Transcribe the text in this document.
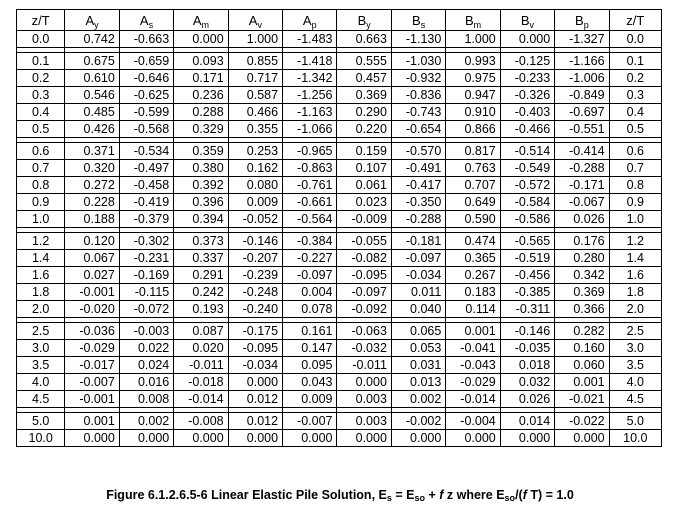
z/T	$A_y$	$A_s$	$A_m$	$A_v$	$A_p$	$B_y$	$B_s$	$B_m$	$B_v$	$B_p$	z/T
0.0	0.742	-0.663	0.000	1.000	-1.483	0.663	-1.130	1.000	0.000	-1.327	0.0

0.1	0.675	-0.659	0.093	0.855	-1.418	0.555	-1.030	0.993	-0.125	-1.166	0.1
0.2	0.610	-0.646	0.171	0.717	-1.342	0.457	-0.932	0.975	-0.233	-1.006	0.2
0.3	0.546	-0.625	0.236	0.587	-1.256	0.369	-0.836	0.947	-0.326	-0.849	0.3
0.4	0.485	-0.599	0.288	0.466	-1.163	0.290	-0.743	0.910	-0.403	-0.697	0.4
0.5	0.426	-0.568	0.329	0.355	-1.066	0.220	-0.654	0.866	-0.466	-0.551	0.5

0.6	0.371	-0.534	0.359	0.253	-0.965	0.159	-0.570	0.817	-0.514	-0.414	0.6
0.7	0.320	-0.497	0.380	0.162	-0.863	0.107	-0.491	0.763	-0.549	-0.288	0.7
0.8	0.272	-0.458	0.392	0.080	-0.761	0.061	-0.417	0.707	-0.572	-0.171	0.8
0.9	0.228	-0.419	0.396	0.009	-0.661	0.023	-0.350	0.649	-0.584	-0.067	0.9
1.0	0.188	-0.379	0.394	-0.052	-0.564	-0.009	-0.288	0.590	-0.586	0.026	1.0

1.2	0.120	-0.302	0.373	-0.146	-0.384	-0.055	-0.181	0.474	-0.565	0.176	1.2
1.4	0.067	-0.231	0.337	-0.207	-0.227	-0.082	-0.097	0.365	-0.519	0.280	1.4
1.6	0.027	-0.169	0.291	-0.239	-0.097	-0.095	-0.034	0.267	-0.456	0.342	1.6
1.8	-0.001	-0.115	0.242	-0.248	0.004	-0.097	0.011	0.183	-0.385	0.369	1.8
2.0	-0.020	-0.072	0.193	-0.240	0.078	-0.092	0.040	0.114	-0.311	0.366	2.0

2.5	-0.036	-0.003	0.087	-0.175	0.161	-0.063	0.065	0.001	-0.146	0.282	2.5
3.0	-0.029	0.022	0.020	-0.095	0.147	-0.032	0.053	-0.041	-0.035	0.160	3.0
3.5	-0.017	0.024	-0.011	-0.034	0.095	-0.011	0.031	-0.043	0.018	0.060	3.5
4.0	-0.007	0.016	-0.018	0.000	0.043	0.000	0.013	-0.029	0.032	0.001	4.0
4.5	-0.001	0.008	-0.014	0.012	0.009	0.003	0.002	-0.014	0.026	-0.021	4.5

5.0	0.001	0.002	-0.008	0.012	-0.007	0.003	-0.002	-0.004	0.014	-0.022	5.0
10.0	0.000	0.000	0.000	0.000	0.000	0.000	0.000	0.000	0.000	0.000	10.0
Figure 6.1.2.6.5-6 Linear Elastic Pile Solution, $E_s = E_{so} + f$ z where $E_{so}/(f$ T) = 1.0
